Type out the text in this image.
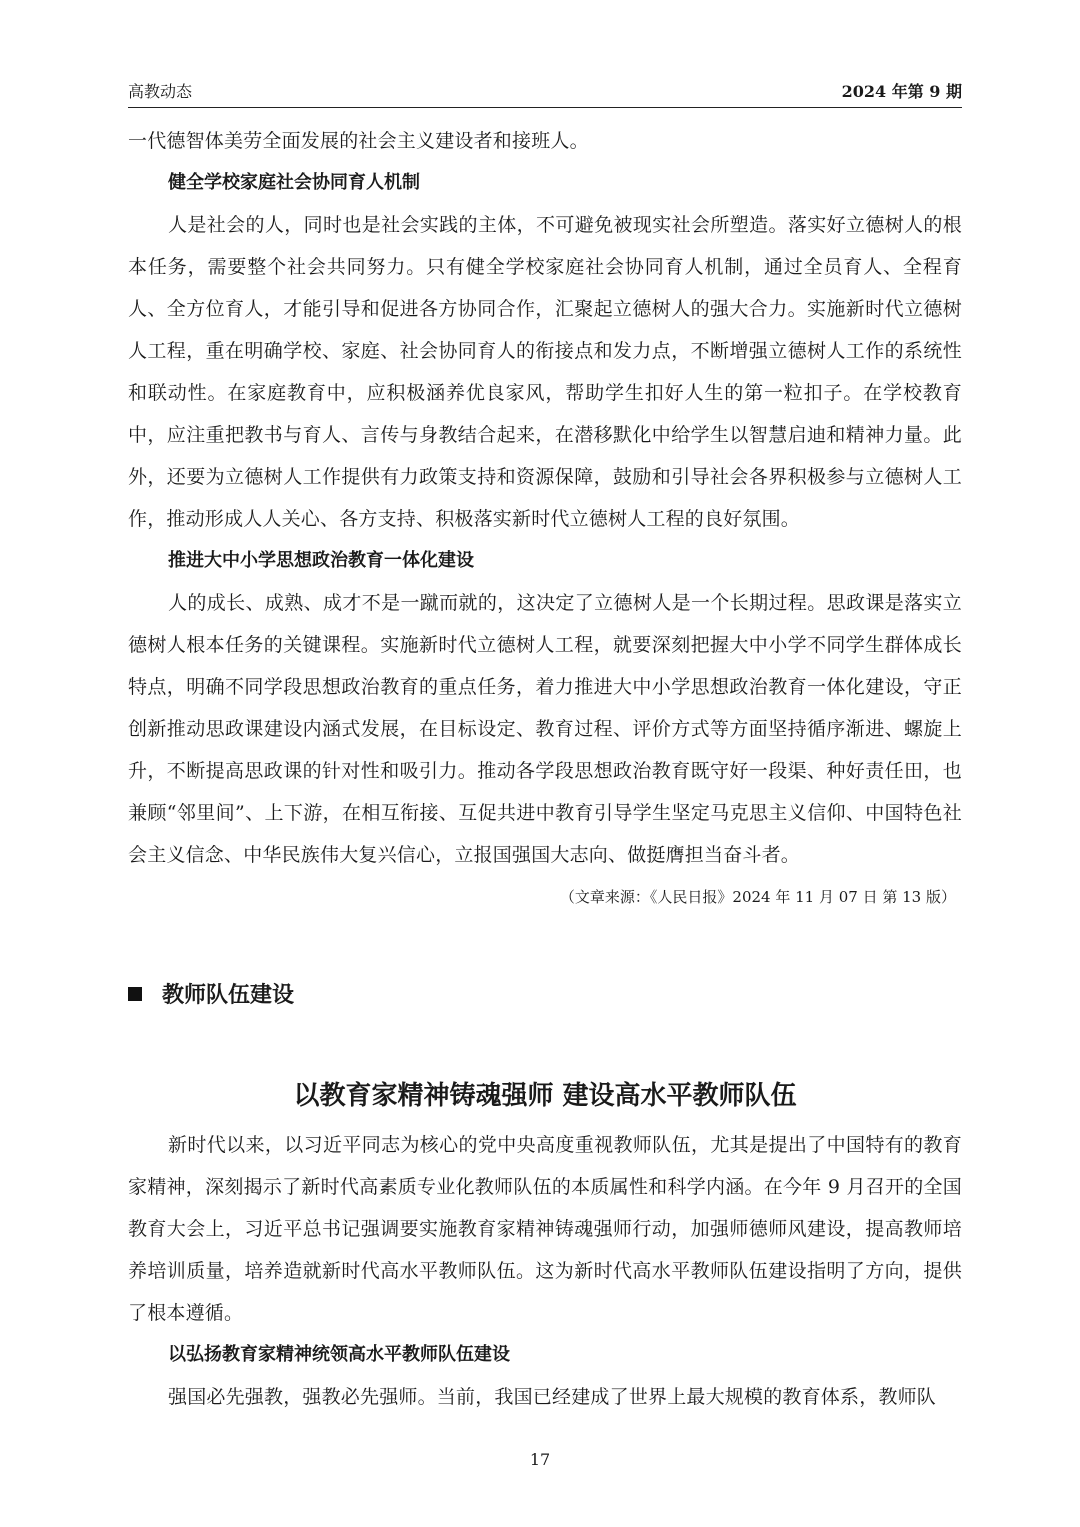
高教动态	2024 年第 9 期

一代德智体美劳全面发展的社会主义建设者和接班人。

健全学校家庭社会协同育人机制

人是社会的人，同时也是社会实践的主体，不可避免被现实社会所塑造。落实好立德树人的根本任务，需要整个社会共同努力。只有健全学校家庭社会协同育人机制，通过全员育人、全程育人、全方位育人，才能引导和促进各方协同合作，汇聚起立德树人的强大合力。实施新时代立德树人工程，重在明确学校、家庭、社会协同育人的衔接点和发力点，不断增强立德树人工作的系统性和联动性。在家庭教育中，应积极涵养优良家风，帮助学生扣好人生的第一粒扣子。在学校教育中，应注重把教书与育人、言传与身教结合起来，在潜移默化中给学生以智慧启迪和精神力量。此外，还要为立德树人工作提供有力政策支持和资源保障，鼓励和引导社会各界积极参与立德树人工作，推动形成人人关心、各方支持、积极落实新时代立德树人工程的良好氛围。

推进大中小学思想政治教育一体化建设

人的成长、成熟、成才不是一蹴而就的，这决定了立德树人是一个长期过程。思政课是落实立德树人根本任务的关键课程。实施新时代立德树人工程，就要深刻把握大中小学不同学生群体成长特点，明确不同学段思想政治教育的重点任务，着力推进大中小学思想政治教育一体化建设，守正创新推动思政课建设内涵式发展，在目标设定、教育过程、评价方式等方面坚持循序渐进、螺旋上升，不断提高思政课的针对性和吸引力。推动各学段思想政治教育既守好一段渠、种好责任田，也兼顾“邻里间”、上下游，在相互衔接、互促共进中教育引导学生坚定马克思主义信仰、中国特色社会主义信念、中华民族伟大复兴信心，立报国强国大志向、做挺膺担当奋斗者。

（文章来源：《人民日报》2024 年 11 月 07 日 第 13 版）

教师队伍建设
以教育家精神铸魂强师 建设高水平教师队伍

新时代以来，以习近平同志为核心的党中央高度重视教师队伍，尤其是提出了中国特有的教育家精神，深刻揭示了新时代高素质专业化教师队伍的本质属性和科学内涵。在今年 9 月召开的全国教育大会上，习近平总书记强调要实施教育家精神铸魂强师行动，加强师德师风建设，提高教师培养培训质量，培养造就新时代高水平教师队伍。这为新时代高水平教师队伍建设指明了方向，提供了根本遵循。

以弘扬教育家精神统领高水平教师队伍建设

强国必先强教，强教必先强师。当前，我国已经建成了世界上最大规模的教育体系，教师队

17
